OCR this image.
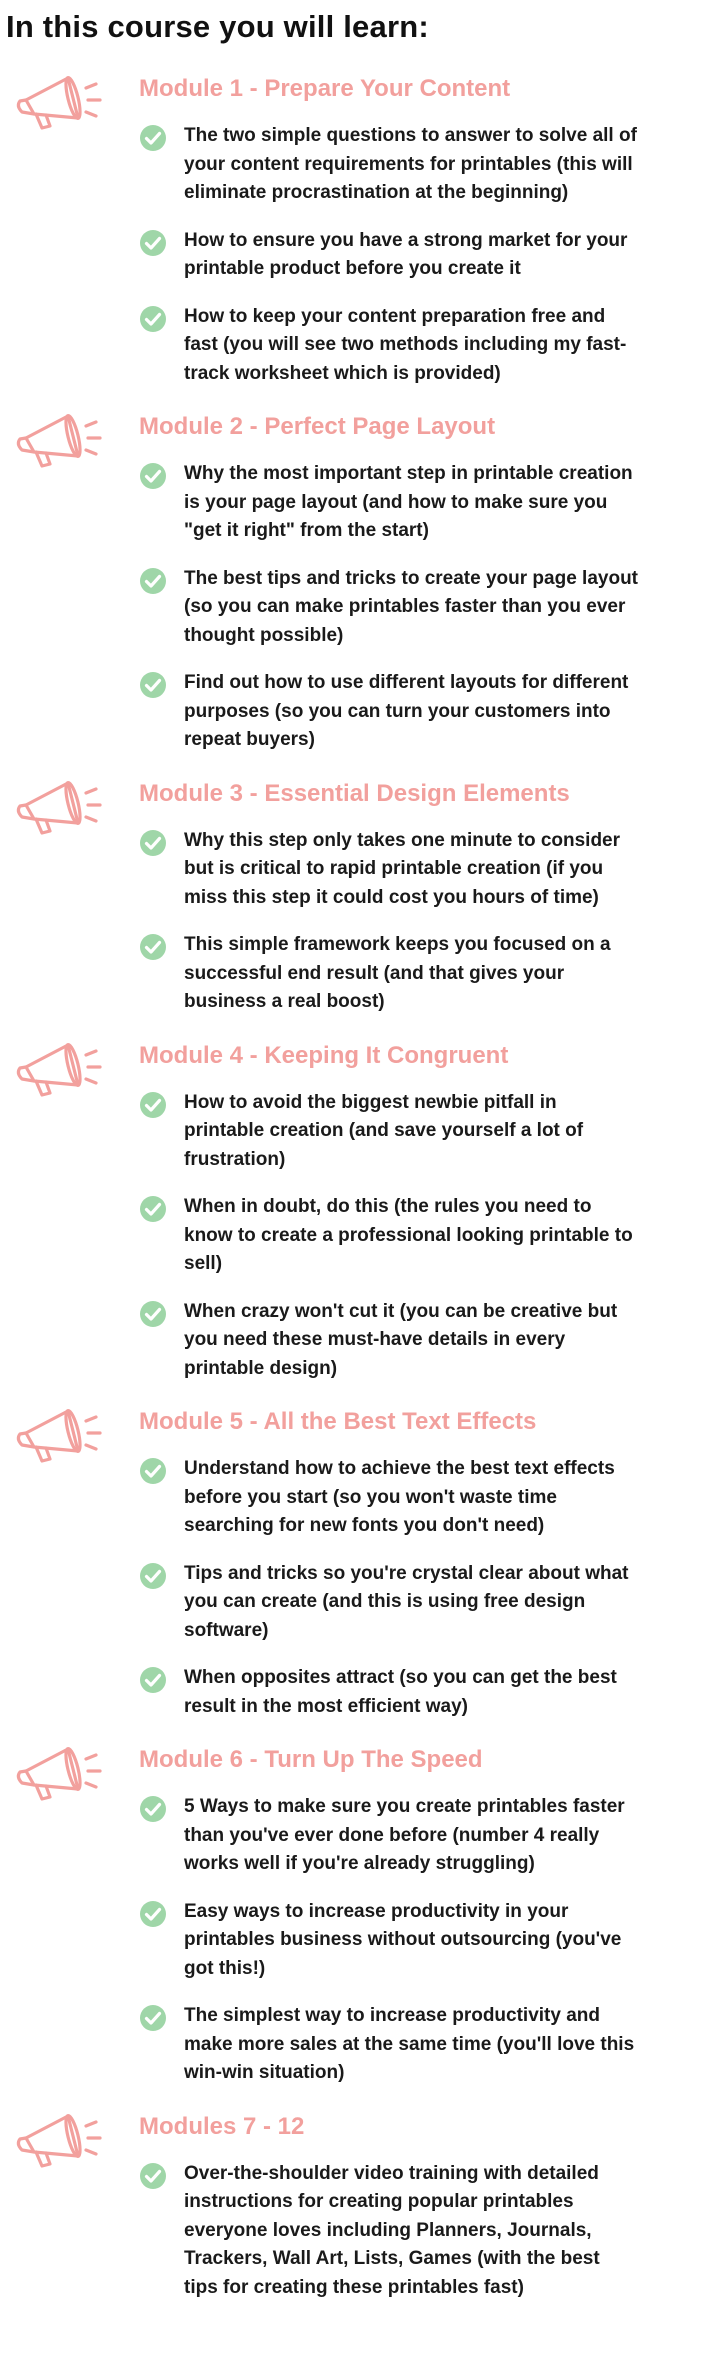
In this course you will learn:
Module 1 - Prepare Your Content
The two simple questions to answer to solve all of
your content requirements for printables (this will
eliminate procrastination at the beginning)
How to ensure you have a strong market for your
printable product before you create it
How to keep your content preparation free and
fast (you will see two methods including my fast-
track worksheet which is provided)
Module 2 - Perfect Page Layout
Why the most important step in printable creation
is your page layout (and how to make sure you
"get it right" from the start)
The best tips and tricks to create your page layout
(so you can make printables faster than you ever
thought possible)
Find out how to use different layouts for different
purposes (so you can turn your customers into
repeat buyers)
Module 3 - Essential Design Elements
Why this step only takes one minute to consider
but is critical to rapid printable creation (if you
miss this step it could cost you hours of time)
This simple framework keeps you focused on a
successful end result (and that gives your
business a real boost)
Module 4 - Keeping It Congruent
How to avoid the biggest newbie pitfall in
printable creation (and save yourself a lot of
frustration)
When in doubt, do this (the rules you need to
know to create a professional looking printable to
sell)
When crazy won't cut it (you can be creative but
you need these must-have details in every
printable design)
Module 5 - All the Best Text Effects
Understand how to achieve the best text effects
before you start (so you won't waste time
searching for new fonts you don't need)
Tips and tricks so you're crystal clear about what
you can create (and this is using free design
software)
When opposites attract (so you can get the best
result in the most efficient way)
Module 6 - Turn Up The Speed
5 Ways to make sure you create printables faster
than you've ever done before (number 4 really
works well if you're already struggling)
Easy ways to increase productivity in your
printables business without outsourcing (you've
got this!)
The simplest way to increase productivity and
make more sales at the same time (you'll love this
win-win situation)
Modules 7 - 12
Over-the-shoulder video training with detailed
instructions for creating popular printables
everyone loves including Planners, Journals,
Trackers, Wall Art, Lists, Games (with the best
tips for creating these printables fast)
